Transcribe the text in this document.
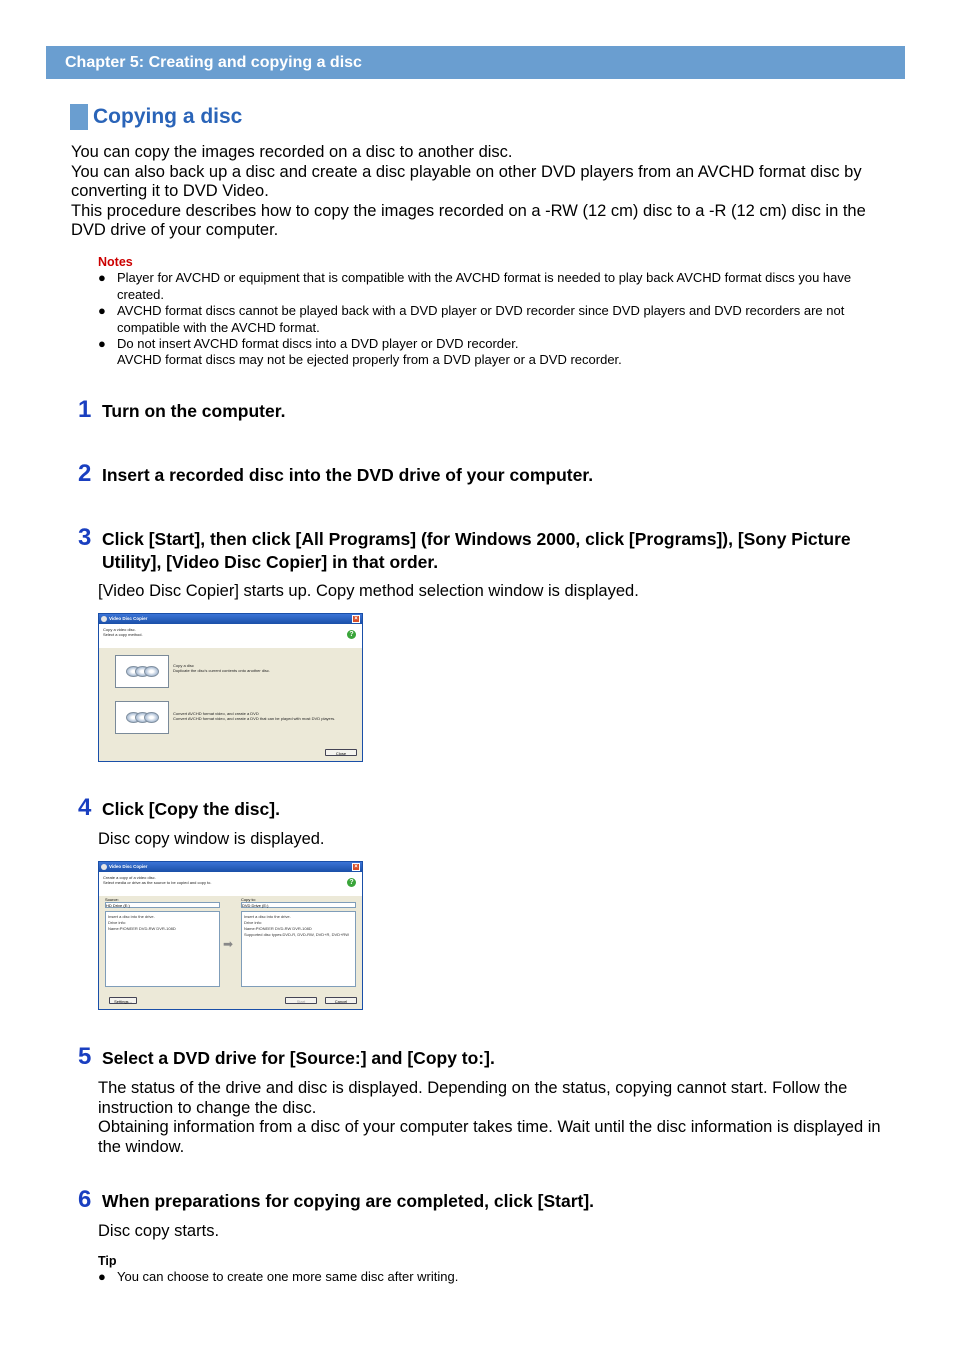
Chapter 5: Creating and copying a disc
Copying a disc

You can copy the images recorded on a disc to another disc.

You can also back up a disc and create a disc playable on other DVD players from an AVCHD format disc by converting it to DVD Video.

This procedure describes how to copy the images recorded on a -RW (12 cm) disc to a -R (12 cm) disc in the DVD drive of your computer.

Notes
● Player for AVCHD or equipment that is compatible with the AVCHD format is needed to play back AVCHD format discs you have created.
● AVCHD format discs cannot be played back with a DVD player or DVD recorder since DVD players and DVD recorders are not compatible with the AVCHD format.
● Do not insert AVCHD format discs into a DVD player or DVD recorder.
AVCHD format discs may not be ejected properly from a DVD player or a DVD recorder.
1 Turn on the computer.
2 Insert a recorded disc into the DVD drive of your computer.
3 Click [Start], then click [All Programs] (for Windows 2000, click [Programs]), [Sony Picture Utility], [Video Disc Copier] in that order.

[Video Disc Copier] starts up. Copy method selection window is displayed.

Video Disc Copier	×
Copy a video disc.
Select a copy method.	?
Copy a disc
Duplicate the disc's current contents onto another disc.
Convert AVCHD format video, and create a DVD
Convert AVCHD format video, and create a DVD that can be played with most DVD players.
Close
4 Click [Copy the disc].

Disc copy window is displayed.

Video Disc Copier	×
Create a copy of a video disc.
Select media or drive as the source to be copied and copy to.	?
Source:
HD Drive (E:)
Insert a disc into the drive.
Drive info:
Name:PIONEER DVD-RW DVR-108D
➡
Copy to:
DVD Drive (E:)
Insert a disc into the drive.
Drive info:
Name:PIONEER DVD-RW DVR-108D
Supported disc types:DVD-R, DVD-RW, DVD+R, DVD+RW
Settings...	Start	Cancel
5 Select a DVD drive for [Source:] and [Copy to:].

The status of the drive and disc is displayed. Depending on the status, copying cannot start. Follow the instruction to change the disc.

Obtaining information from a disc of your computer takes time. Wait until the disc information is displayed in the window.

6 When preparations for copying are completed, click [Start].

Disc copy starts.

Tip
● You can choose to create one more same disc after writing.
